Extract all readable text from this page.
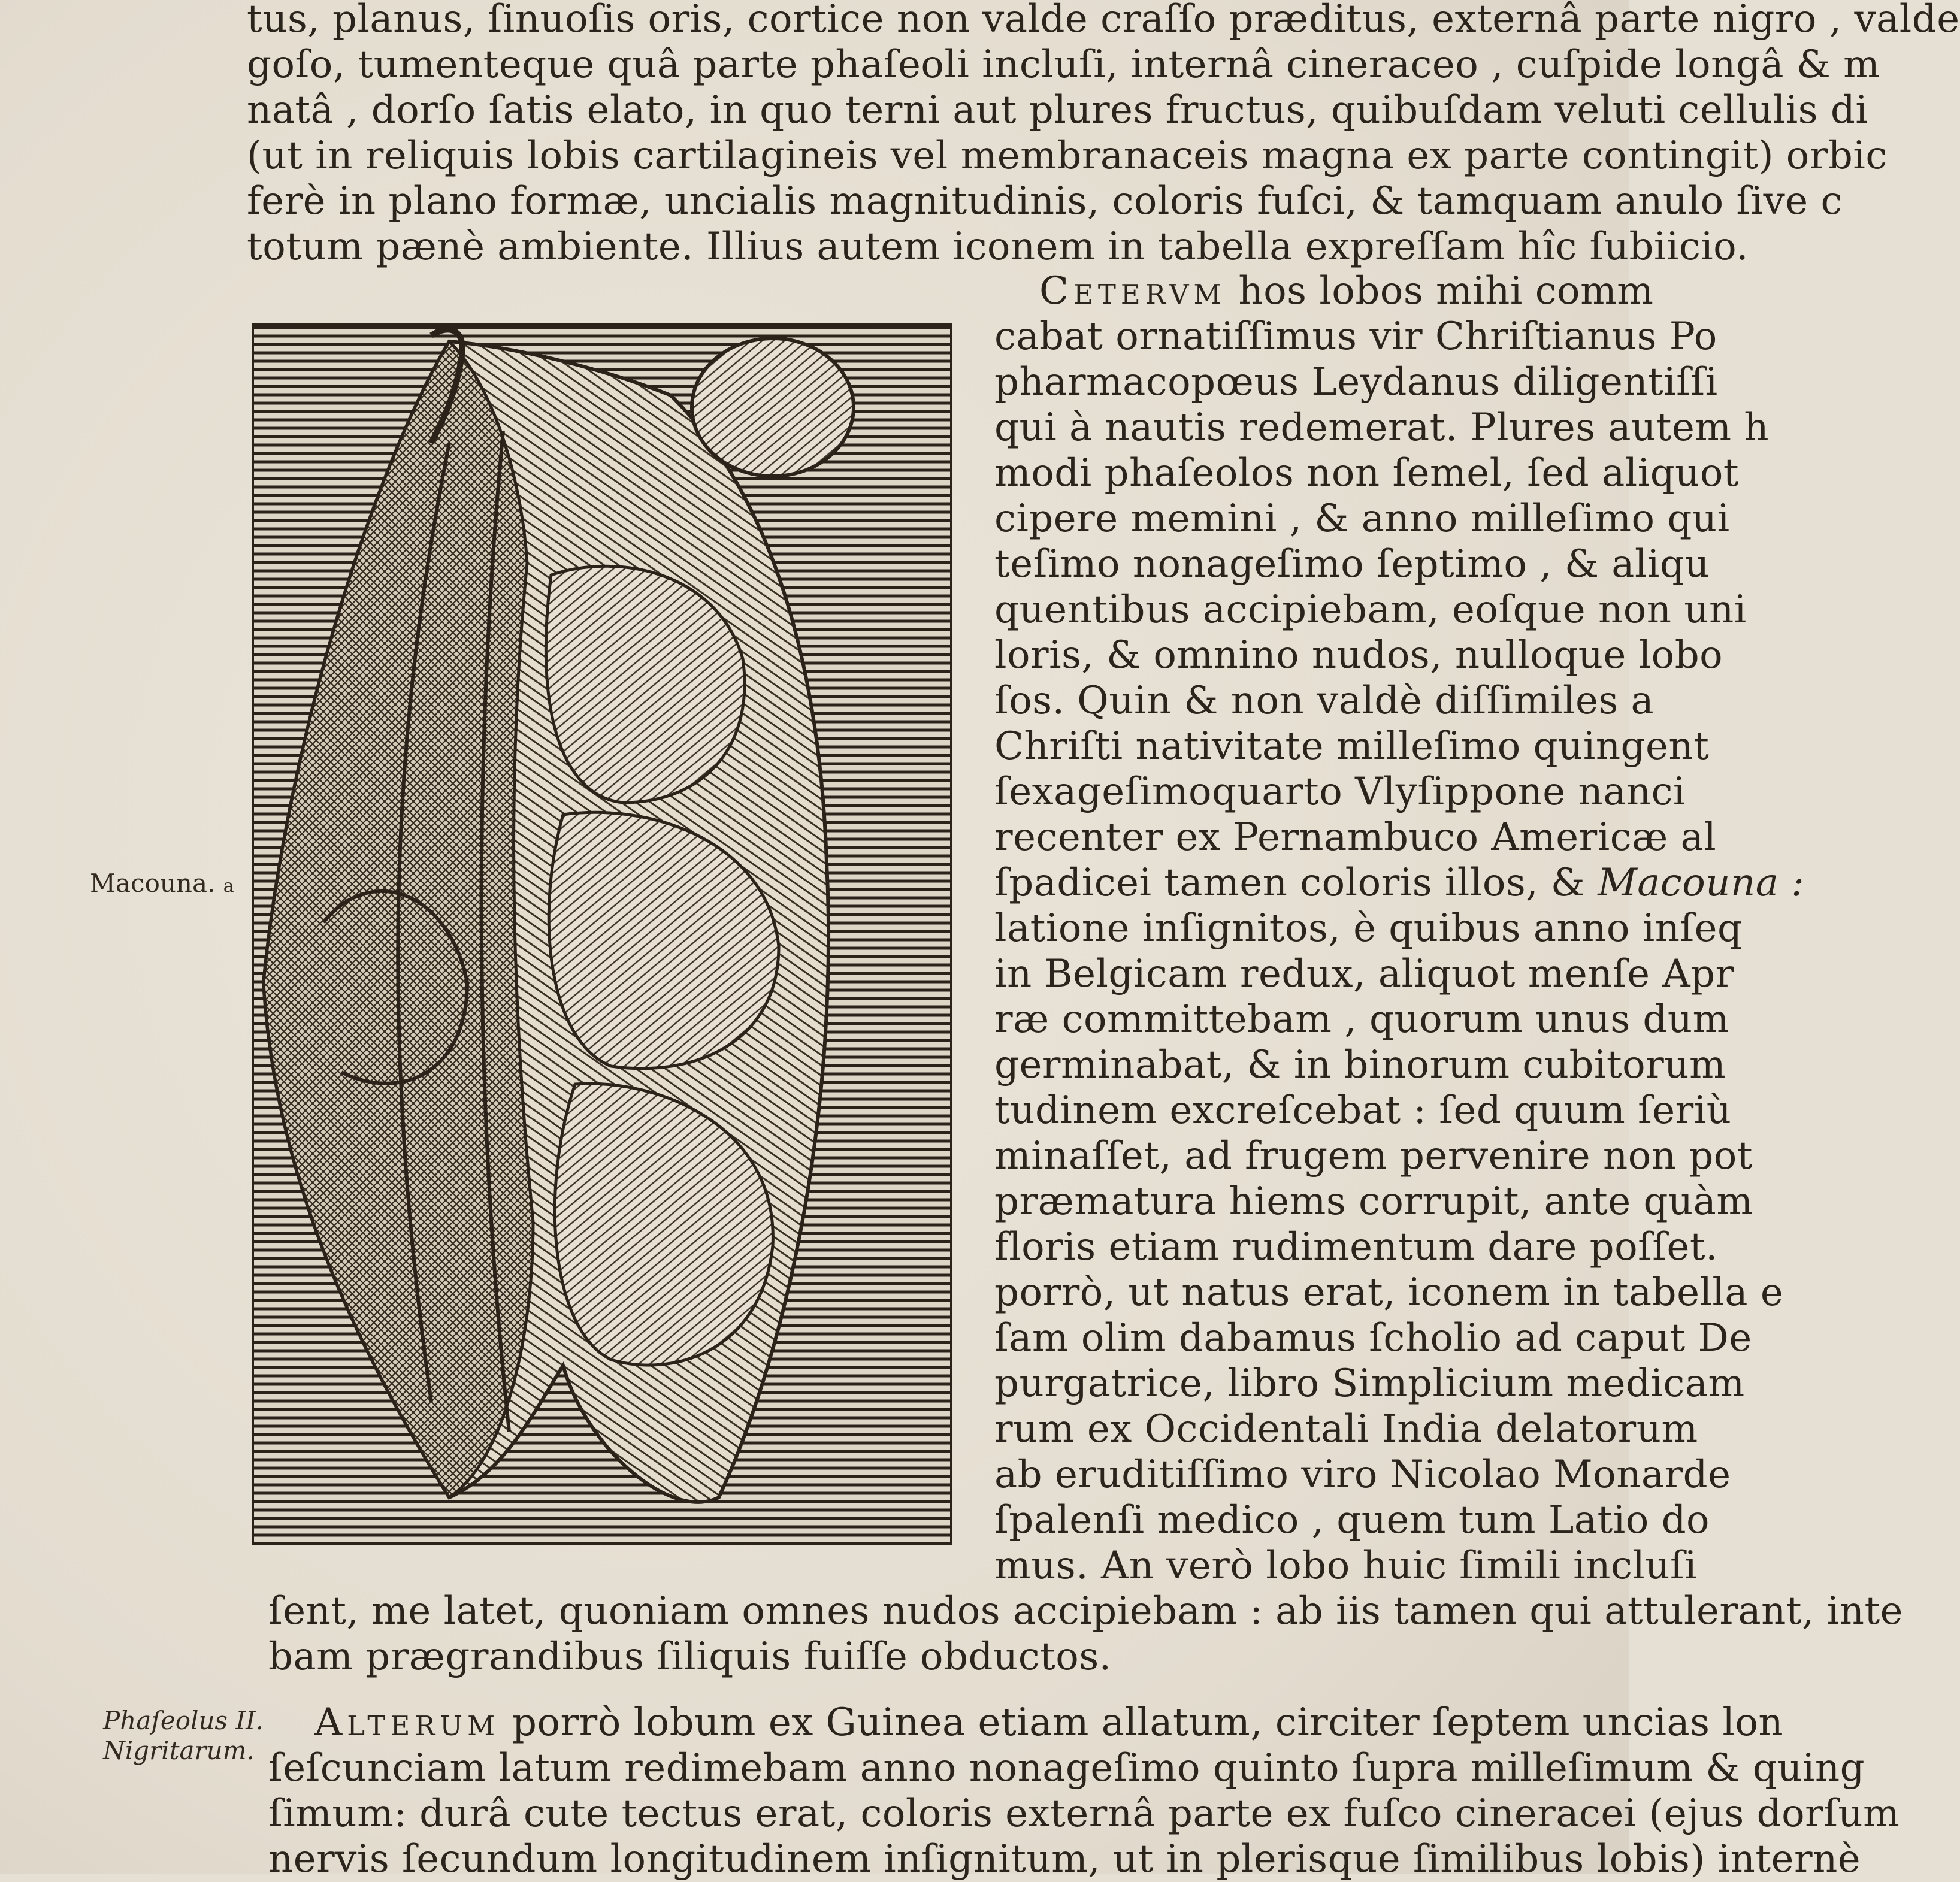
tus, planus, ſinuoſis oris, cortice non valde craſſo præditus, externâ parte nigro , valde
goſo, tumenteque quâ parte phaſeoli incluſi, internâ cineraceo , cuſpide longâ & m
natâ , dorſo ſatis elato, in quo terni aut plures fructus, quibuſdam veluti cellulis di
(ut in reliquis lobis cartilagineis vel membranaceis magna ex parte contingit) orbic
ferè in plano formæ, uncialis magnitudinis, coloris fuſci, & tamquam anulo ſive c
totum pænè ambiente. Illius autem iconem in tabella expreſſam hîc ſubiicio.
Cetervm hos lobos mihi comm
cabat ornatiſſimus vir Chriſtianus Po
pharmacopœus Leydanus diligentiſſi
qui à nautis redemerat. Plures autem h
modi phaſeolos non ſemel, ſed aliquot
cipere memini , & anno milleſimo qui
teſimo nonageſimo ſeptimo , & aliqu
quentibus accipiebam, eoſque non uni
loris, & omnino nudos, nulloque lobo
ſos. Quin & non valdè diſſimiles a
Chriſti nativitate milleſimo quingent
ſexageſimoquarto Vlyſippone nanci
recenter ex Pernambuco Americæ al
ſpadicei tamen coloris illos, & Macouna :
latione inſignitos, è quibus anno inſeq
in Belgicam redux, aliquot menſe Apr
ræ committebam , quorum unus dum
germinabat, & in binorum cubitorum
tudinem excreſcebat : ſed quum ſeriù
minaſſet, ad frugem pervenire non pot
præmatura hiems corrupit, ante quàm
floris etiam rudimentum dare poſſet.
porrò, ut natus erat, iconem in tabella e
ſam olim dabamus ſcholio ad caput De
purgatrice, libro Simplicium medicam
rum ex Occidentali India delatorum
ab eruditiſſimo viro Nicolao Monarde
ſpalenſi medico , quem tum Latio do
mus. An verò lobo huic ſimili incluſi
ſent, me latet, quoniam omnes nudos accipiebam : ab iis tamen qui attulerant, inte
bam prægrandibus ſiliquis fuiſſe obductos.
Alterum porrò lobum ex Guinea etiam allatum, circiter ſeptem uncias lon
ſeſcunciam latum redimebam anno nonageſimo quinto ſupra milleſimum & quing
ſimum: durâ cute tectus erat, coloris externâ parte ex fuſco cineracei (ejus dorſum
nervis ſecundum longitudinem inſignitum, ut in plerisque ſimilibus lobis) internè
Macouna. a
Phaſeolus II.
Nigritarum.
